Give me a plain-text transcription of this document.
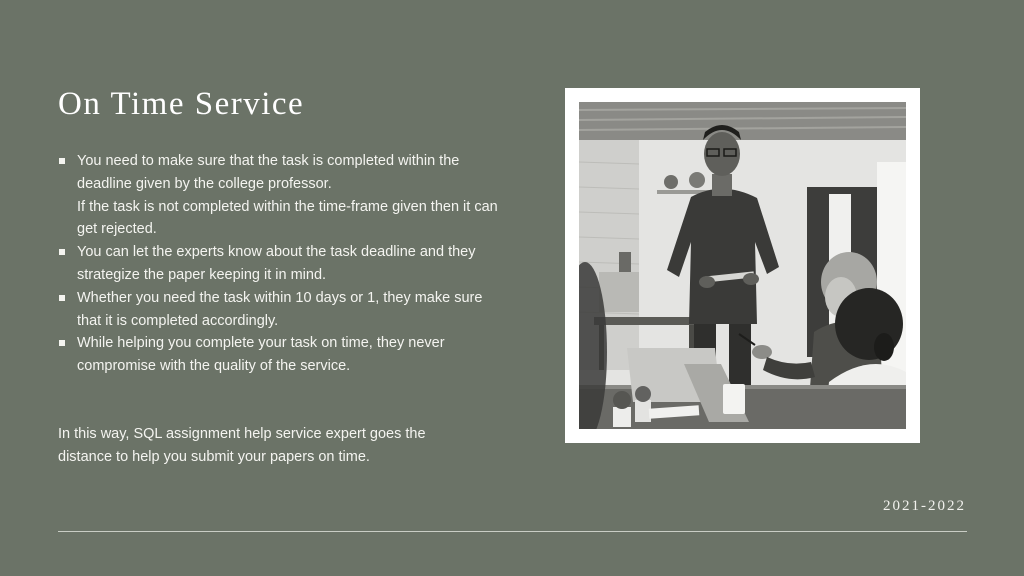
On Time Service
You need to make sure that the task is completed within the deadline given by the college professor.
If the task is not completed within the time-frame given then it can get rejected.
You can let the experts know about the task deadline and they strategize the paper keeping it in mind.
Whether you need the task within 10 days or 1, they make sure that it is completed accordingly.
While helping you complete your task on time, they never compromise with the quality of the service.

In this way, SQL assignment help service expert goes the distance to help you submit your papers on time.

2021-2022
